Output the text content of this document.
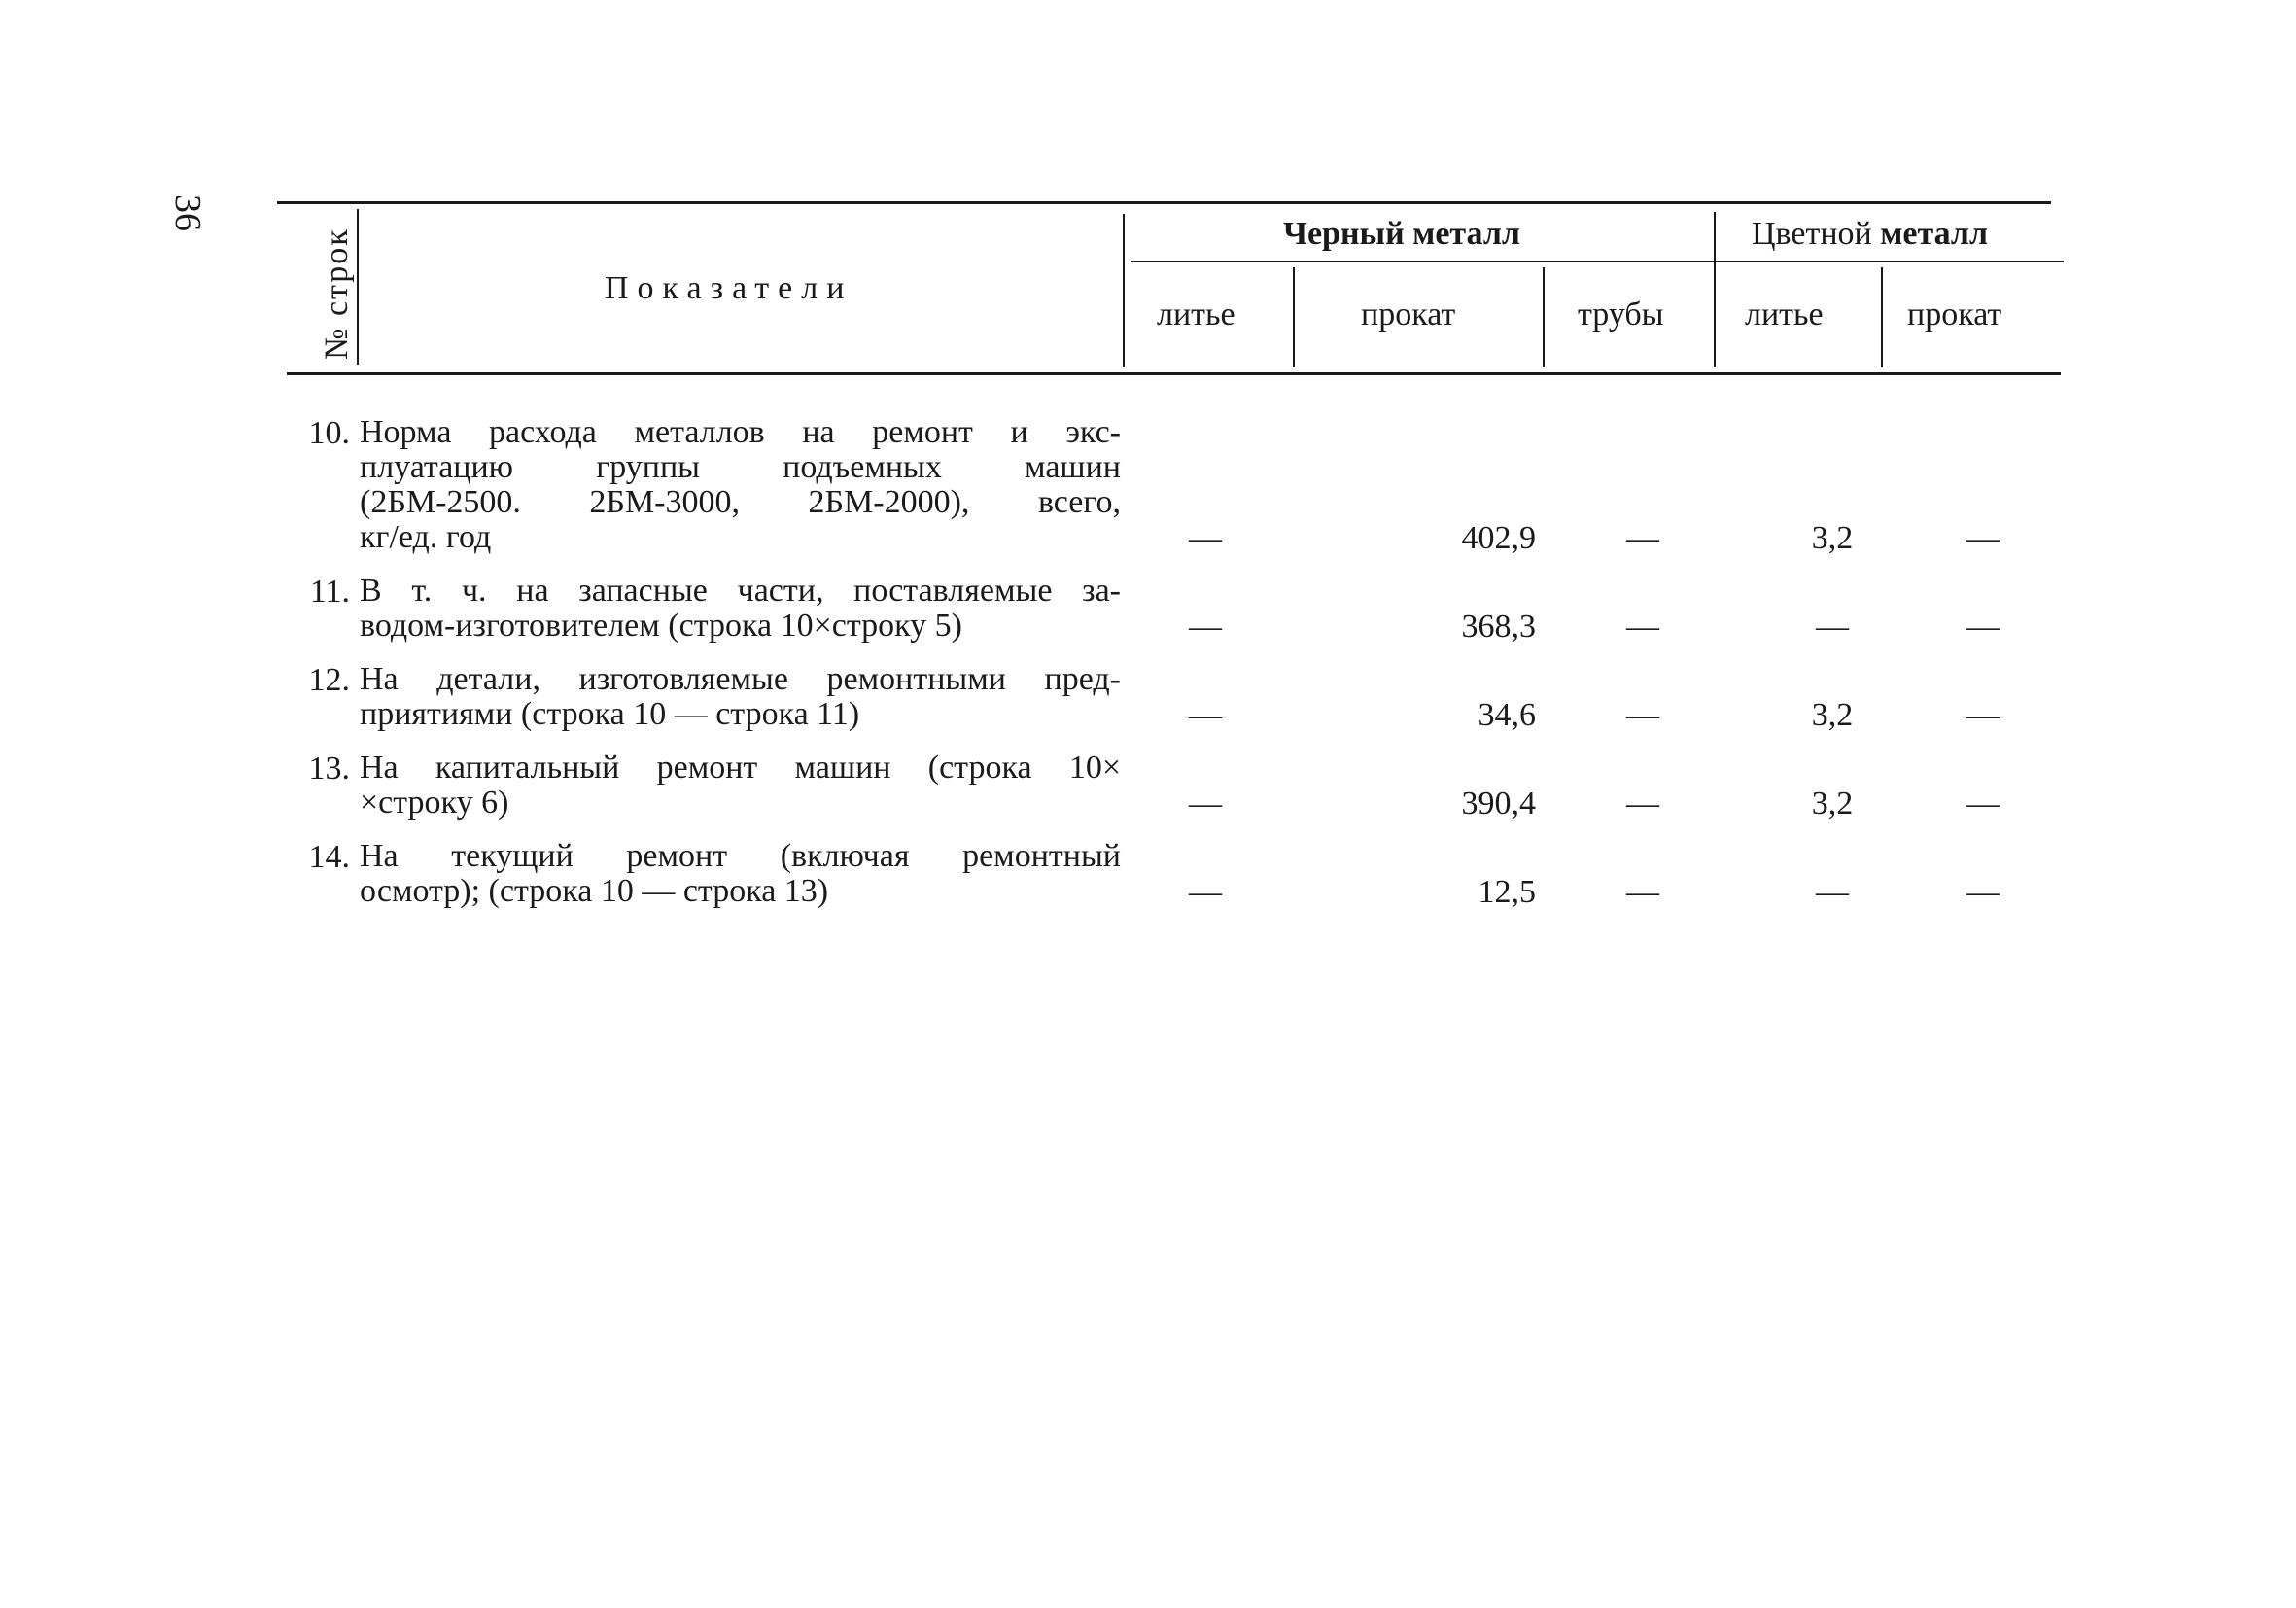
36
№ строк	Показатели
Черный металл	Цветной металл
литье	прокат	трубы литье	прокат
10. Норма расхода металлов на ремонт и экс-
плуатацию группы подъемных машин
(2БМ-2500. 2БМ-3000, 2БМ-2000), всего,
кг/ед. год	—	402,9	—	3,2	—
11. В т. ч. на запасные части, поставляемые за-
водом-изготовителем (строка 10×строку 5)	—	368,3	—	—	—
12. На детали, изготовляемые ремонтными пред-
приятиями (строка 10 — строка 11)	—	34,6	—	3,2	—
13. На капитальный ремонт машин (строка 10×
×строку 6)	—	390,4	—	3,2	—
14. На текущий ремонт (включая ремонтный
осмотр); (строка 10 — строка 13)	—	12,5	—	—	—
